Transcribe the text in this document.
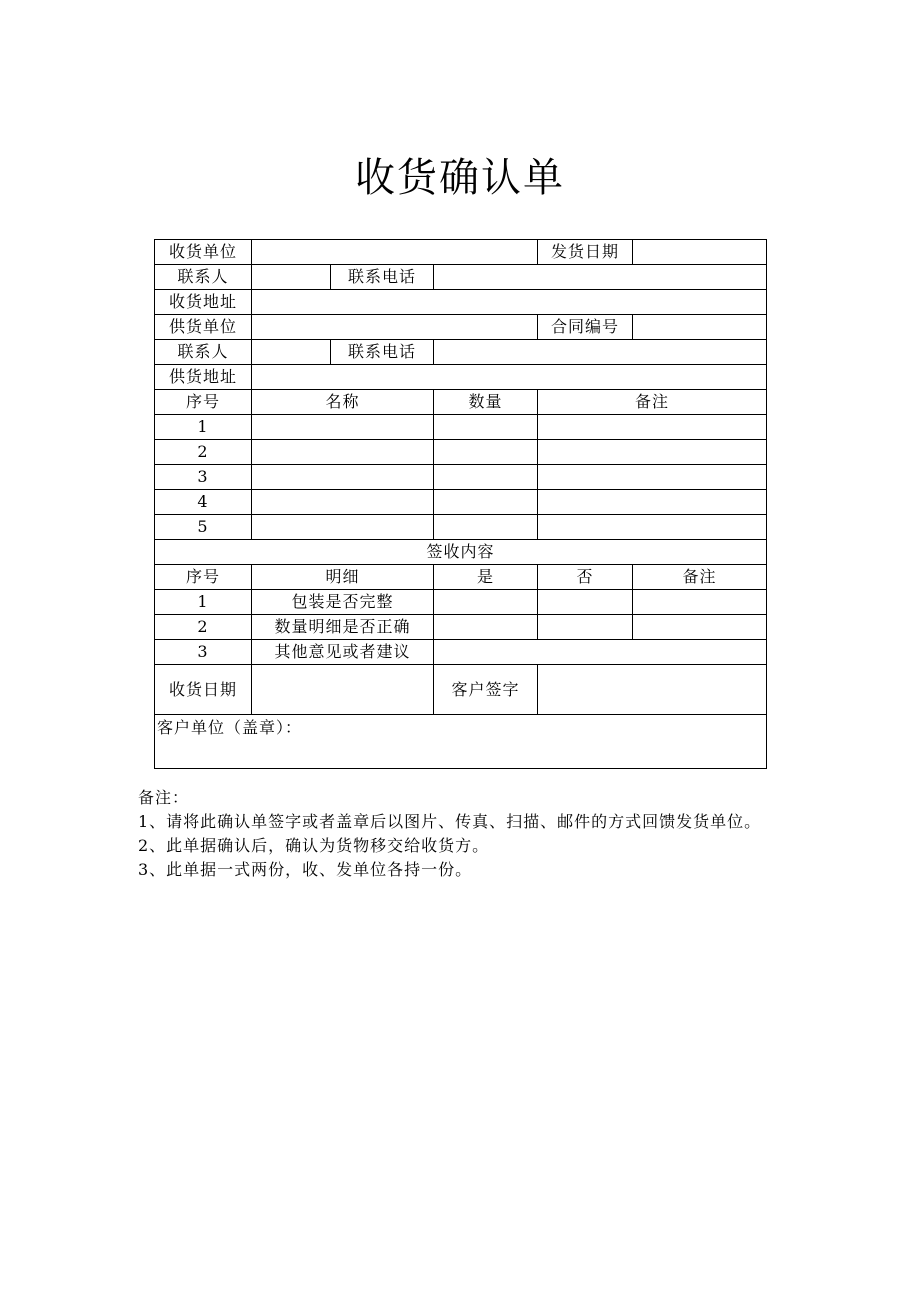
收货确认单
收货单位				发货日期	
联系人		联系电话			
收货地址					
供货单位				合同编号	
联系人		联系电话			
供货地址					
序号	名称		数量	备注	
1					
2					
3					
4					
5					
签收内容					
序号	明细		是	否	备注
1	包装是否完整				
2	数量明细是否正确				
3	其他意见或者建议				
收货日期			客户签字		
客户单位（盖章）：					
备注：
1、请将此确认单签字或者盖章后以图片、传真、扫描、邮件的方式回馈发货单位。
2、此单据确认后，确认为货物移交给收货方。
3、此单据一式两份，收、发单位各持一份。
